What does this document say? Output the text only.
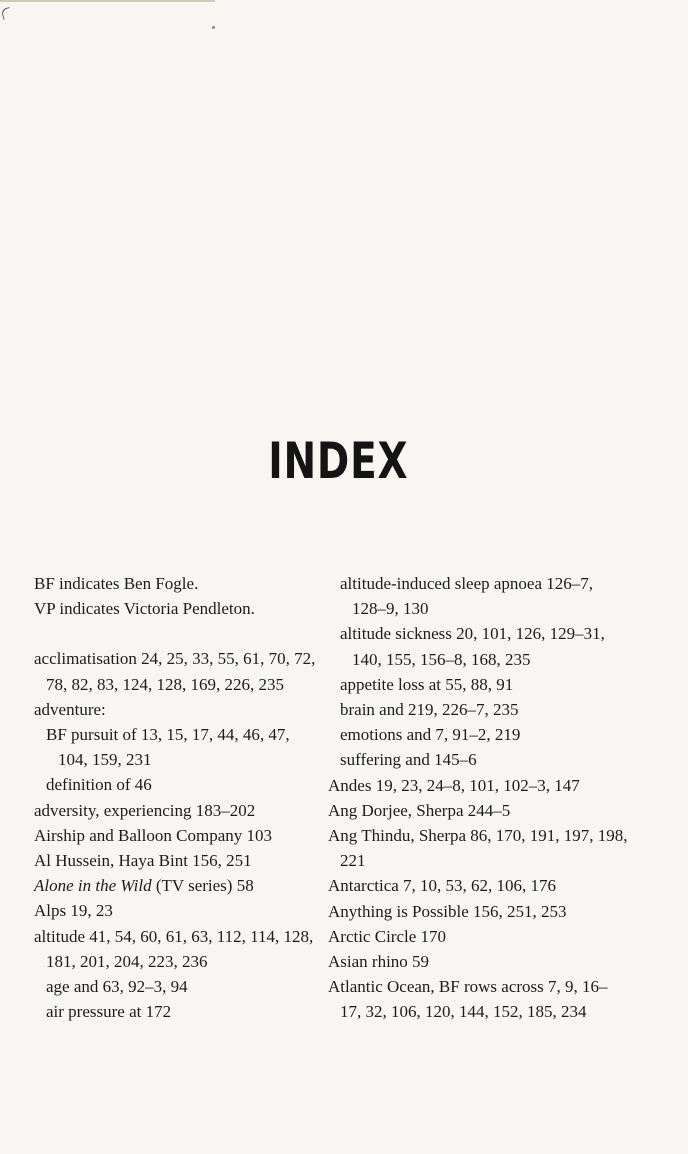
INDEX
BF indicates Ben Fogle.
VP indicates Victoria Pendleton.
acclimatisation 24, 25, 33, 55, 61, 70, 72, 78, 82, 83, 124, 128, 169, 226, 235
adventure:
BF pursuit of 13, 15, 17, 44, 46, 47, 104, 159, 231
definition of 46
adversity, experiencing 183–202
Airship and Balloon Company 103
Al Hussein, Haya Bint 156, 251
Alone in the Wild (TV series) 58
Alps 19, 23
altitude 41, 54, 60, 61, 63, 112, 114, 128, 181, 201, 204, 223, 236
age and 63, 92–3, 94
air pressure at 172
altitude-induced sleep apnoea 126–7, 128–9, 130
altitude sickness 20, 101, 126, 129–31, 140, 155, 156–8, 168, 235
appetite loss at 55, 88, 91
brain and 219, 226–7, 235
emotions and 7, 91–2, 219
suffering and 145–6
Andes 19, 23, 24–8, 101, 102–3, 147
Ang Dorjee, Sherpa 244–5
Ang Thindu, Sherpa 86, 170, 191, 197, 198, 221
Antarctica 7, 10, 53, 62, 106, 176
Anything is Possible 156, 251, 253
Arctic Circle 170
Asian rhino 59
Atlantic Ocean, BF rows across 7, 9, 16–17, 32, 106, 120, 144, 152, 185, 234
